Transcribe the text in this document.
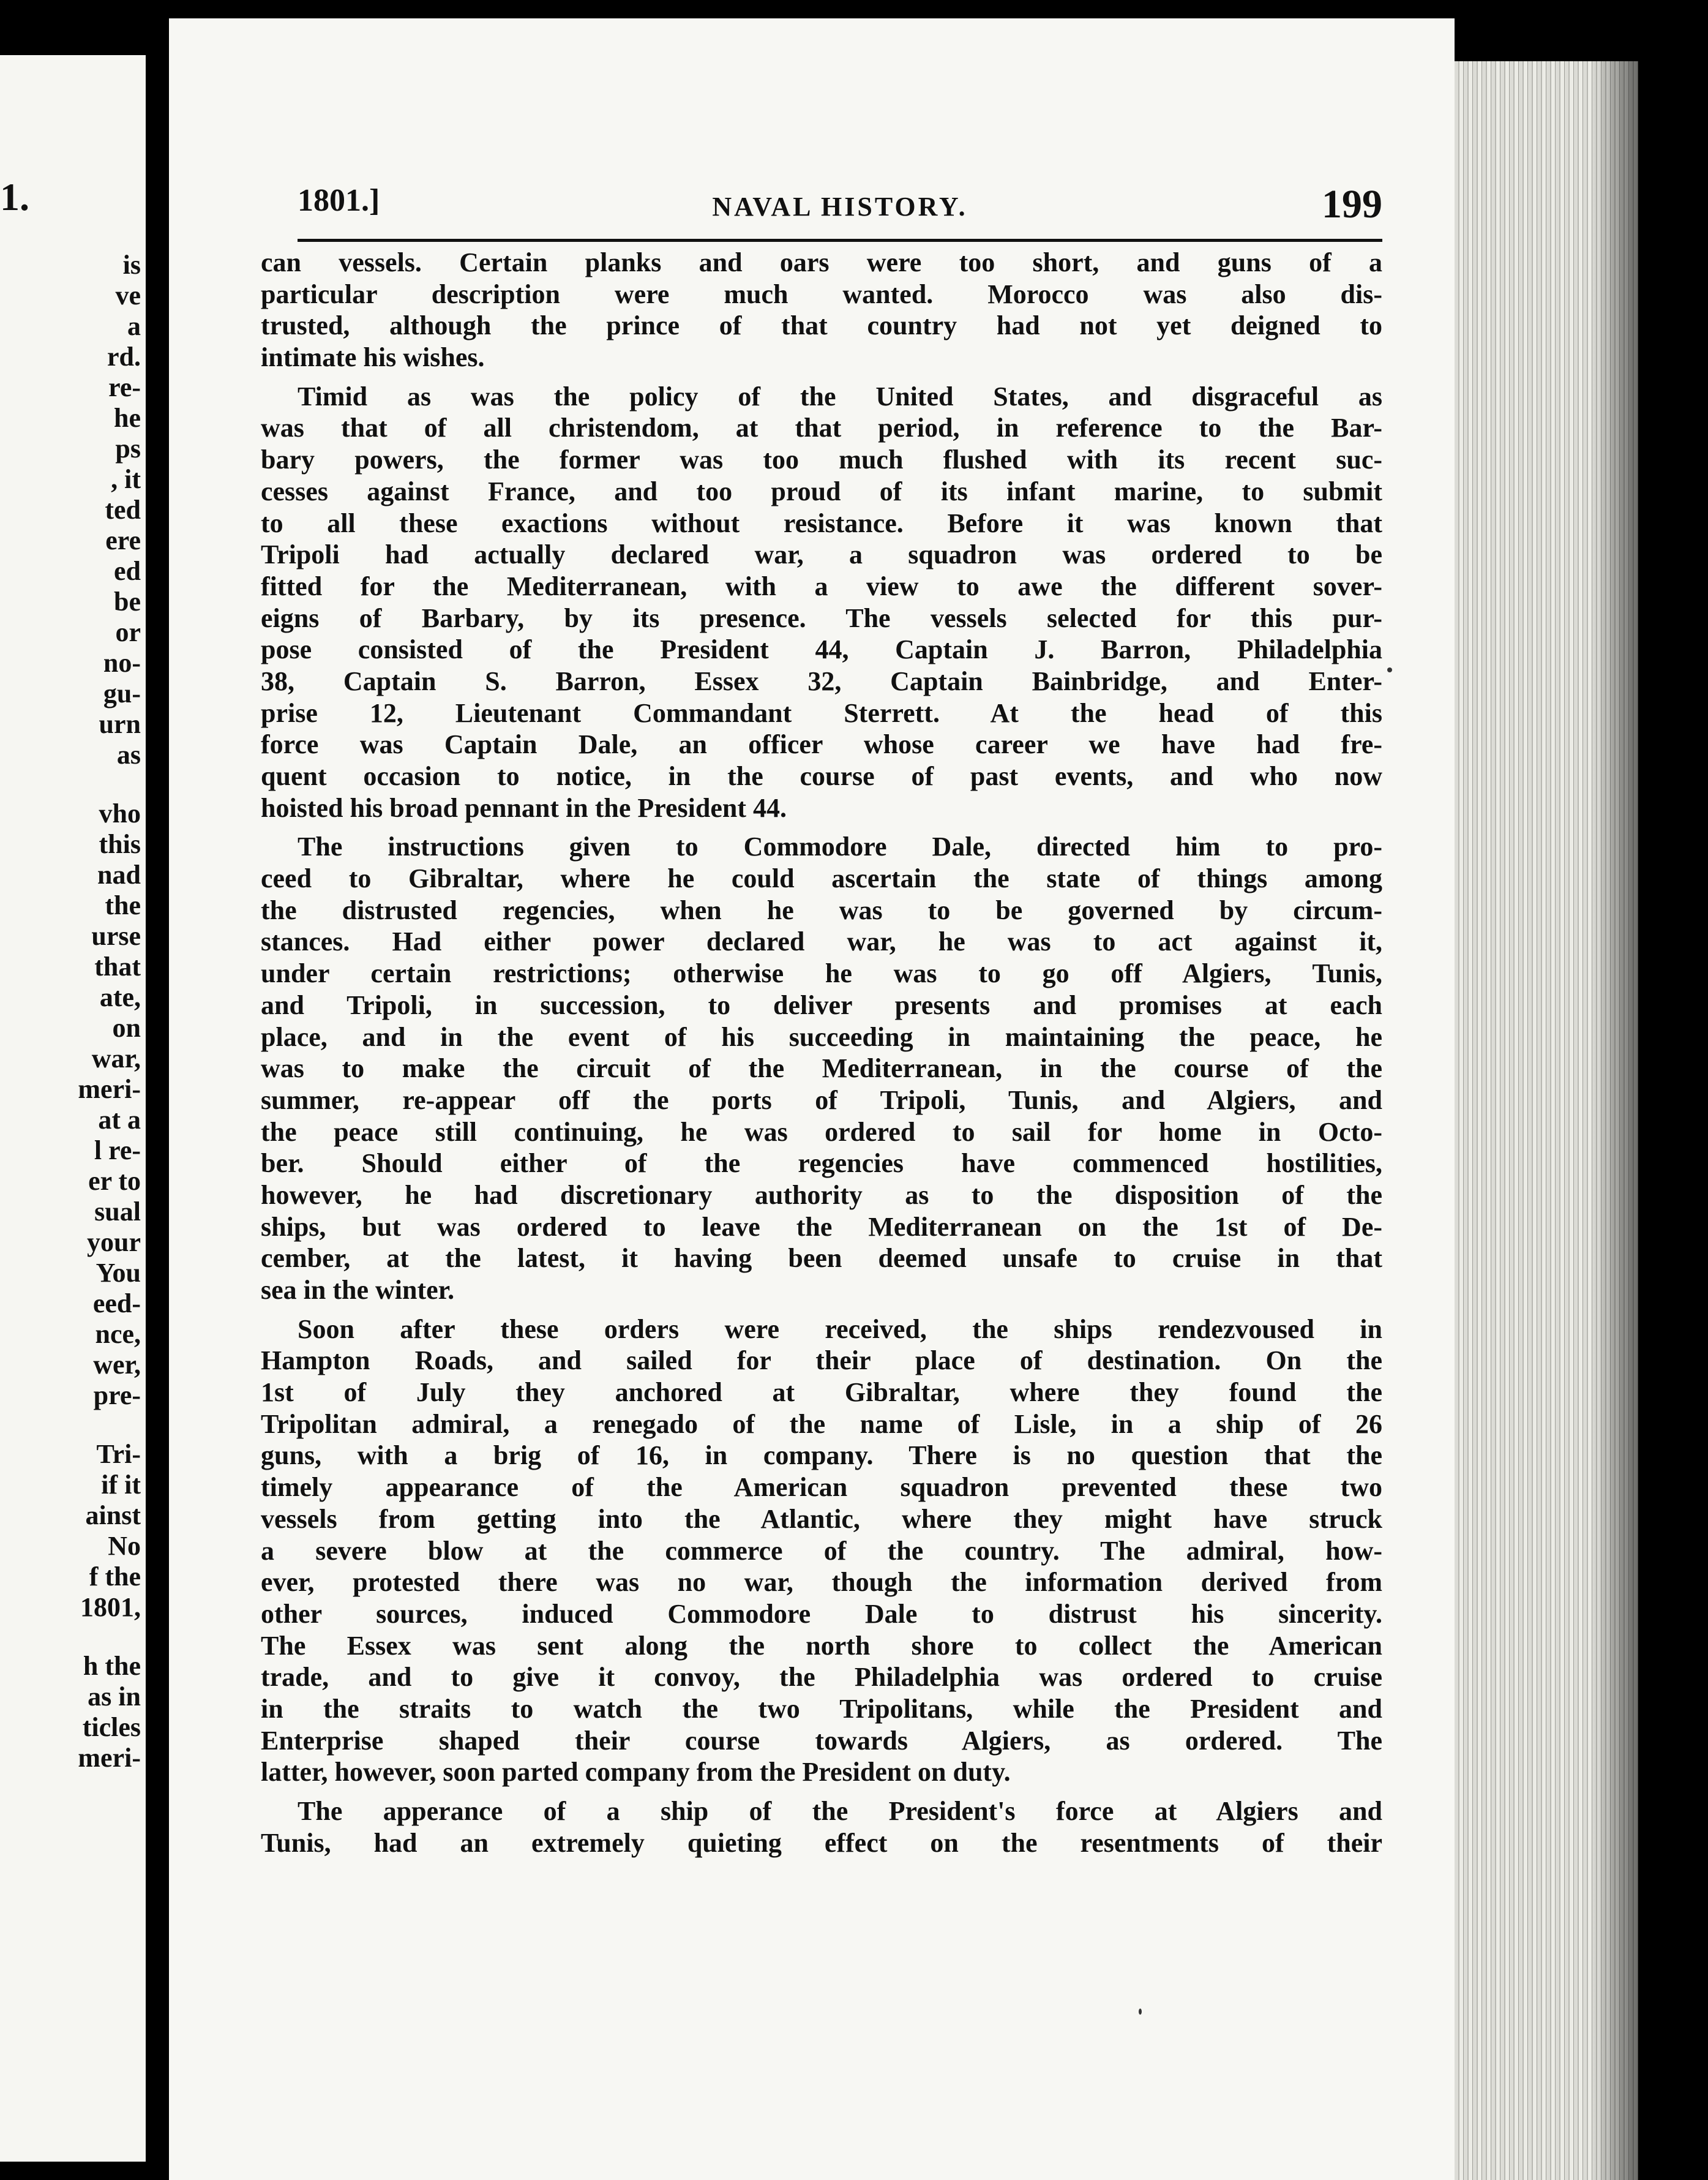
1.
is
ve
a
rd.
re-
he
ps
, it
ted
ere
ed
be
or
no-
gu-
urn
as
vho
this
nad
the
urse
that
ate,
on
war,
meri-
at a
l re-
er to
sual
your
You
eed-
nce,
wer,
pre-
Tri-
if it
ainst
No
f the
1801,
h the
as in
ticles
meri-
1801.]	NAVAL HISTORY.	199
can vessels. Certain planks and oars were too short, and guns of a
particular description were much wanted. Morocco was also dis-
trusted, although the prince of that country had not yet deigned to
intimate his wishes.
Timid as was the policy of the United States, and disgraceful as
was that of all christendom, at that period, in reference to the Bar-
bary powers, the former was too much flushed with its recent suc-
cesses against France, and too proud of its infant marine, to submit
to all these exactions without resistance. Before it was known that
Tripoli had actually declared war, a squadron was ordered to be
fitted for the Mediterranean, with a view to awe the different sover-
eigns of Barbary, by its presence. The vessels selected for this pur-
pose consisted of the President 44, Captain J. Barron, Philadelphia
38, Captain S. Barron, Essex 32, Captain Bainbridge, and Enter-
prise 12, Lieutenant Commandant Sterrett. At the head of this
force was Captain Dale, an officer whose career we have had fre-
quent occasion to notice, in the course of past events, and who now
hoisted his broad pennant in the President 44.
The instructions given to Commodore Dale, directed him to pro-
ceed to Gibraltar, where he could ascertain the state of things among
the distrusted regencies, when he was to be governed by circum-
stances. Had either power declared war, he was to act against it,
under certain restrictions; otherwise he was to go off Algiers, Tunis,
and Tripoli, in succession, to deliver presents and promises at each
place, and in the event of his succeeding in maintaining the peace, he
was to make the circuit of the Mediterranean, in the course of the
summer, re-appear off the ports of Tripoli, Tunis, and Algiers, and
the peace still continuing, he was ordered to sail for home in Octo-
ber. Should either of the regencies have commenced hostilities,
however, he had discretionary authority as to the disposition of the
ships, but was ordered to leave the Mediterranean on the 1st of De-
cember, at the latest, it having been deemed unsafe to cruise in that
sea in the winter.
Soon after these orders were received, the ships rendezvoused in
Hampton Roads, and sailed for their place of destination. On the
1st of July they anchored at Gibraltar, where they found the
Tripolitan admiral, a renegado of the name of Lisle, in a ship of 26
guns, with a brig of 16, in company. There is no question that the
timely appearance of the American squadron prevented these two
vessels from getting into the Atlantic, where they might have struck
a severe blow at the commerce of the country. The admiral, how-
ever, protested there was no war, though the information derived from
other sources, induced Commodore Dale to distrust his sincerity.
The Essex was sent along the north shore to collect the American
trade, and to give it convoy, the Philadelphia was ordered to cruise
in the straits to watch the two Tripolitans, while the President and
Enterprise shaped their course towards Algiers, as ordered. The
latter, however, soon parted company from the President on duty.
The apperance of a ship of the President's force at Algiers and
Tunis, had an extremely quieting effect on the resentments of their
